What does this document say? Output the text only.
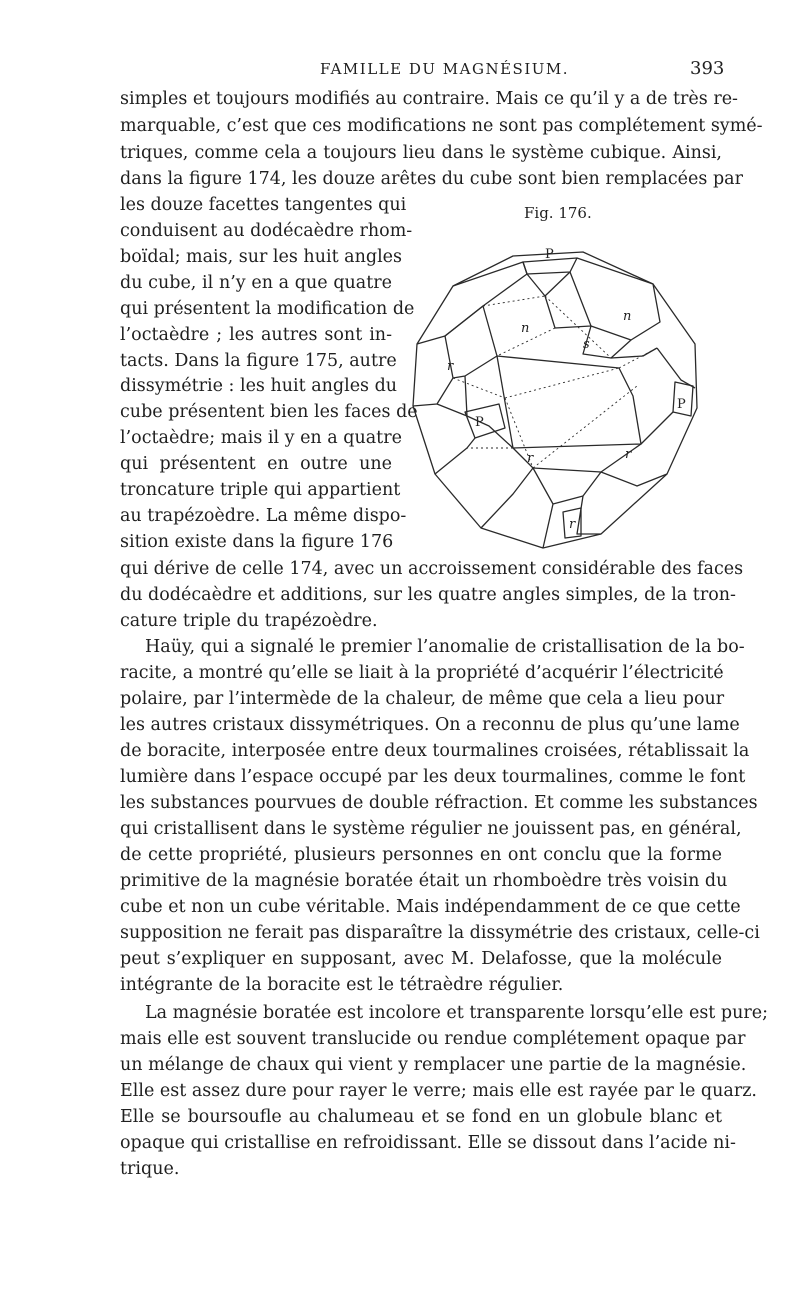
FAMILLE DU MAGNÉSIUM.	393
simples et toujours modifiés au contraire. Mais ce qu’il y a de très re-
marquable, c’est que ces modifications ne sont pas complétement symé-
triques, comme cela a toujours lieu dans le système cubique. Ainsi,
dans la figure 174, les douze arêtes du cube sont bien remplacées par
les douze facettes tangentes qui
conduisent au dodécaèdre rhom-
boïdal; mais, sur les huit angles
du cube, il n’y en a que quatre
qui présentent la modification de
l’octaèdre ; les autres sont in-
tacts. Dans la figure 175, autre
dissymétrie : les huit angles du
cube présentent bien les faces de
l’octaèdre; mais il y en a quatre
qui présentent en outre une
troncature triple qui appartient
au trapézoèdre. La même dispo-
sition existe dans la figure 176
qui dérive de celle 174, avec un accroissement considérable des faces
du dodécaèdre et additions, sur les quatre angles simples, de la tron-
cature triple du trapézoèdre.
Fig. 176.
P
n
n
s
r
P
P
r	r
r
Haüy, qui a signalé le premier l’anomalie de cristallisation de la bo-
racite, a montré qu’elle se liait à la propriété d’acquérir l’électricité
polaire, par l’intermède de la chaleur, de même que cela a lieu pour
les autres cristaux dissymétriques. On a reconnu de plus qu’une lame
de boracite, interposée entre deux tourmalines croisées, rétablissait la
lumière dans l’espace occupé par les deux tourmalines, comme le font
les substances pourvues de double réfraction. Et comme les substances
qui cristallisent dans le système régulier ne jouissent pas, en général,
de cette propriété, plusieurs personnes en ont conclu que la forme
primitive de la magnésie boratée était un rhomboèdre très voisin du
cube et non un cube véritable. Mais indépendamment de ce que cette
supposition ne ferait pas disparaître la dissymétrie des cristaux, celle-ci
peut s’expliquer en supposant, avec M. Delafosse, que la molécule
intégrante de la boracite est le tétraèdre régulier.
La magnésie boratée est incolore et transparente lorsqu’elle est pure;
mais elle est souvent translucide ou rendue complétement opaque par
un mélange de chaux qui vient y remplacer une partie de la magnésie.
Elle est assez dure pour rayer le verre; mais elle est rayée par le quarz.
Elle se boursoufle au chalumeau et se fond en un globule blanc et
opaque qui cristallise en refroidissant. Elle se dissout dans l’acide ni-
trique.
